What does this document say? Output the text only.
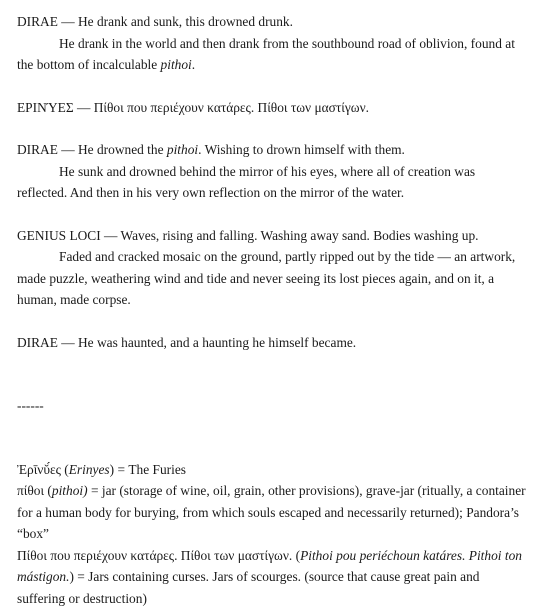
DIRAE — He drank and sunk, this drowned drunk.

He drank in the world and then drank from the southbound road of oblivion, found at the bottom of incalculable pithoi.

ΕΡΙΝΎΕΣ — Πίθοι που περιέχουν κατάρες. Πίθοι των μαστίγων.

DIRAE — He drowned the pithoi. Wishing to drown himself with them.

He sunk and drowned behind the mirror of his eyes, where all of creation was reflected. And then in his very own reflection on the mirror of the water.

GENIUS LOCI — Waves, rising and falling. Washing away sand. Bodies washing up.

Faded and cracked mosaic on the ground, partly ripped out by the tide — an artwork, made puzzle, weathering wind and tide and never seeing its lost pieces again, and on it, a human, made corpse.

DIRAE — He was haunted, and a haunting he himself became.

------

Ἐρῑνῠ́ες (Erinyes) = The Furies

πίθοι (pithoi) = jar (storage of wine, oil, grain, other provisions), grave-jar (ritually, a container for a human body for burying, from which souls escaped and necessarily returned); Pandora’s “box”

Πίθοι που περιέχουν κατάρες. Πίθοι των μαστίγων. (Pithoi pou periéchoun katáres. Pithoi ton mástigon.) = Jars containing curses. Jars of scourges. (source that cause great pain and suffering or destruction)
